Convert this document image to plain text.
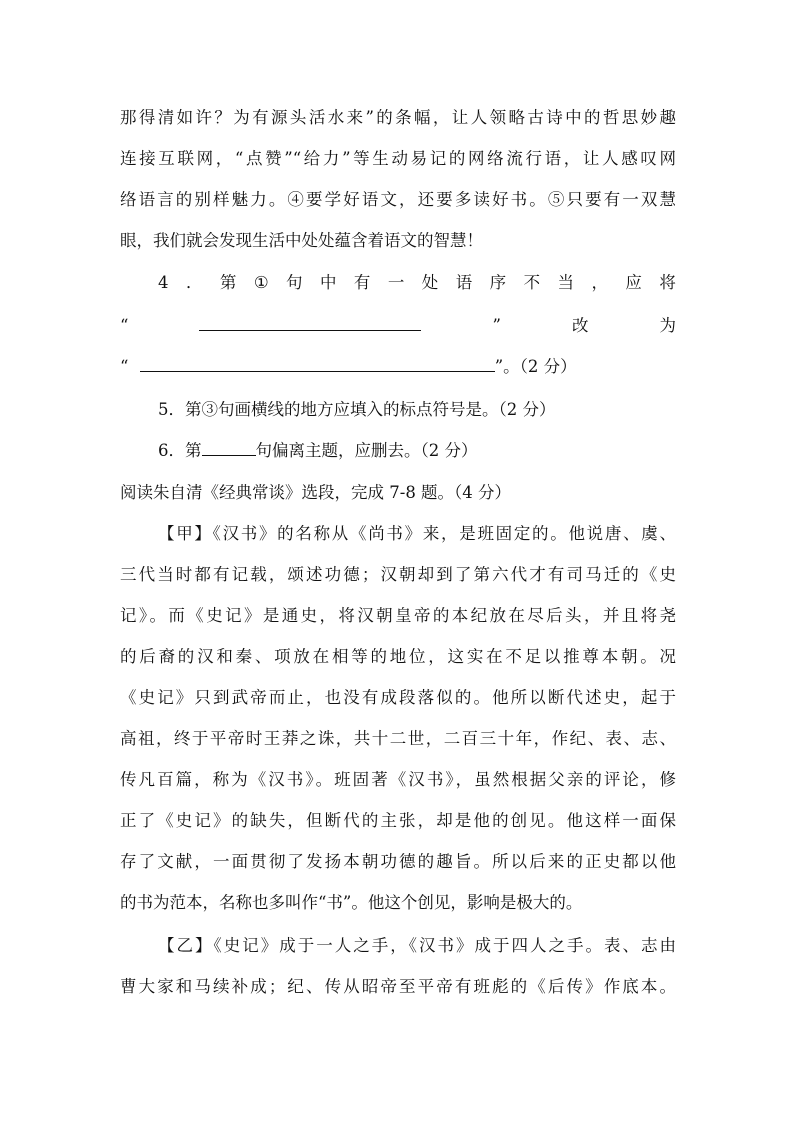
那得清如许？为有源头活水来”的条幅，让人领略古诗中的哲思妙趣
连接互联网，“点赞”“给力”等生动易记的网络流行语，让人感叹网
络语言的别样魅力。④要学好语文，还要多读好书。⑤只要有一双慧
眼，我们就会发现生活中处处蕴含着语文的智慧！
4 ． 第 ① 句 中 有 一 处 语 序 不 当 ， 应 将
“	”	改	为
“	”。（2 分）
5．第③句画横线的地方应填入的标点符号是。（2 分）
6．第	句偏离主题，应删去。（2 分）
阅读朱自清《经典常谈》选段，完成 7-8 题。（4 分）
【甲】《汉书》的名称从《尚书》来，是班固定的。他说唐、虞、
三代当时都有记载，颂述功德；汉朝却到了第六代才有司马迁的《史
记》。而《史记》是通史，将汉朝皇帝的本纪放在尽后头，并且将尧
的后裔的汉和秦、项放在相等的地位，这实在不足以推尊本朝。况
《史记》只到武帝而止，也没有成段落似的。他所以断代述史，起于
高祖，终于平帝时王莽之诛，共十二世，二百三十年，作纪、表、志、
传凡百篇，称为《汉书》。班固著《汉书》，虽然根据父亲的评论，修
正了《史记》的缺失，但断代的主张，却是他的创见。他这样一面保
存了文献，一面贯彻了发扬本朝功德的趣旨。所以后来的正史都以他
的书为范本，名称也多叫作“书”。他这个创见，影响是极大的。
【乙】《史记》成于一人之手，《汉书》成于四人之手。表、志由
曹大家和马续补成；纪、传从昭帝至平帝有班彪的《后传》作底本。
